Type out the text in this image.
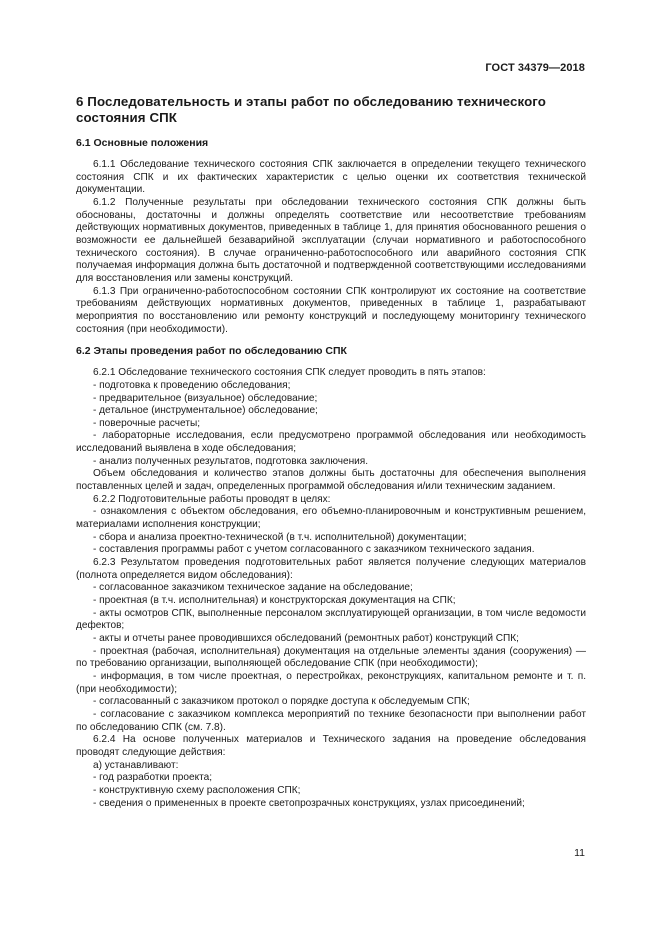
ГОСТ 34379—2018
6 Последовательность и этапы работ по обследованию технического состояния СПК
6.1 Основные положения

6.1.1 Обследование технического состояния СПК заключается в определении текущего технического состояния СПК и их фактических характеристик с целью оценки их соответствия технической документации.

6.1.2 Полученные результаты при обследовании технического состояния СПК должны быть обоснованы, достаточны и должны определять соответствие или несоответствие требованиям действующих нормативных документов, приведенных в таблице 1, для принятия обоснованного решения о возможности ее дальнейшей безаварийной эксплуатации (случаи нормативного и работоспособного технического состояния). В случае ограниченно-работоспособного или аварийного состояния СПК получаемая информация должна быть достаточной и подтвержденной соответствующими исследованиями для восстановления или замены конструкций.

6.1.3 При ограниченно-работоспособном состоянии СПК контролируют их состояние на соответствие требованиям действующих нормативных документов, приведенных в таблице 1, разрабатывают мероприятия по восстановлению или ремонту конструкций и последующему мониторингу технического состояния (при необходимости).

6.2 Этапы проведения работ по обследованию СПК

6.2.1 Обследование технического состояния СПК следует проводить в пять этапов:

- подготовка к проведению обследования;

- предварительное (визуальное) обследование;

- детальное (инструментальное) обследование;

- поверочные расчеты;

- лабораторные исследования, если предусмотрено программой обследования или необходимость исследований выявлена в ходе обследования;

- анализ полученных результатов, подготовка заключения.

Объем обследования и количество этапов должны быть достаточны для обеспечения выполнения поставленных целей и задач, определенных программой обследования и/или техническим заданием.

6.2.2 Подготовительные работы проводят в целях:

- ознакомления с объектом обследования, его объемно-планировочным и конструктивным решением, материалами исполнения конструкции;

- сбора и анализа проектно-технической (в т.ч. исполнительной) документации;

- составления программы работ с учетом согласованного с заказчиком технического задания.

6.2.3 Результатом проведения подготовительных работ является получение следующих материалов (полнота определяется видом обследования):

- согласованное заказчиком техническое задание на обследование;

- проектная (в т.ч. исполнительная) и конструкторская документация на СПК;

- акты осмотров СПК, выполненные персоналом эксплуатирующей организации, в том числе ведомости дефектов;

- акты и отчеты ранее проводившихся обследований (ремонтных работ) конструкций СПК;

- проектная (рабочая, исполнительная) документация на отдельные элементы здания (сооружения) — по требованию организации, выполняющей обследование СПК (при необходимости);

- информация, в том числе проектная, о перестройках, реконструкциях, капитальном ремонте и т. п. (при необходимости);

- согласованный с заказчиком протокол о порядке доступа к обследуемым СПК;

- согласование с заказчиком комплекса мероприятий по технике безопасности при выполнении работ по обследованию СПК (см. 7.8).

6.2.4 На основе полученных материалов и Технического задания на проведение обследования проводят следующие действия:

а) устанавливают:

- год разработки проекта;

- конструктивную схему расположения СПК;

- сведения о примененных в проекте светопрозрачных конструкциях, узлах присоединений;

11
